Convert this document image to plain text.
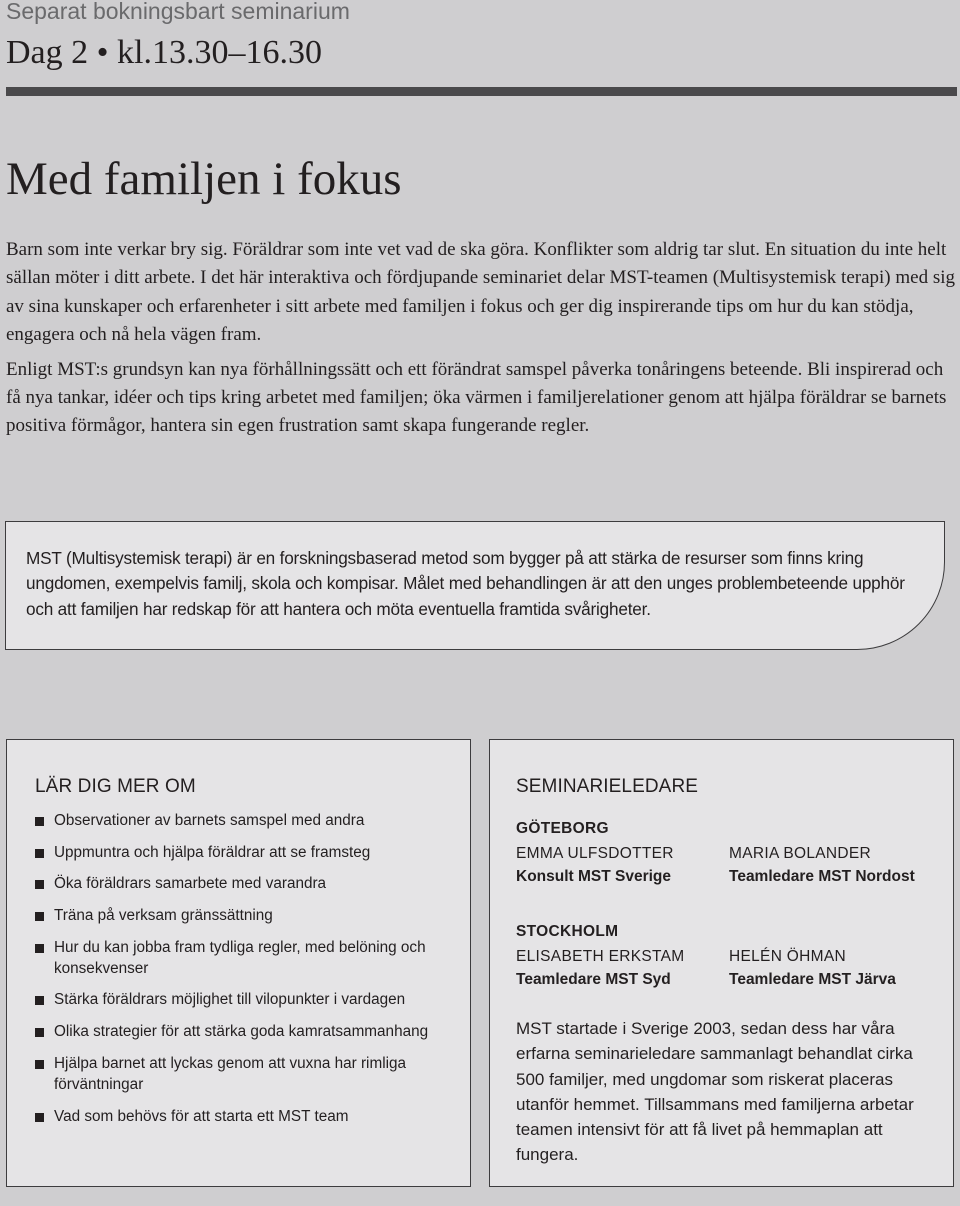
Separat bokningsbart seminarium
Dag 2 • kl.13.30–16.30
Med familjen i fokus

Barn som inte verkar bry sig. Föräldrar som inte vet vad de ska göra. Konflikter som aldrig tar slut. En situation du inte helt sällan möter i ditt arbete. I det här interaktiva och fördjupande seminariet delar MST-teamen (Multisystemisk terapi) med sig av sina kunskaper och erfarenheter i sitt arbete med familjen i fokus och ger dig inspirerande tips om hur du kan stödja, engagera och nå hela vägen fram.

Enligt MST:s grundsyn kan nya förhållningssätt och ett förändrat samspel påverka tonåringens beteende. Bli inspirerad och få nya tankar, idéer och tips kring arbetet med familjen; öka värmen i familjerelationer genom att hjälpa föräldrar se barnets positiva förmågor, hantera sin egen frustration samt skapa fungerande regler.

MST (Multisystemisk terapi) är en forskningsbaserad metod som bygger på att stärka de resurser som finns kring ungdomen, exempelvis familj, skola och kompisar. Målet med behandlingen är att den unges problembeteende upphör och att familjen har redskap för att hantera och möta eventuella framtida svårigheter.
LÄR DIG MER OM
Observationer av barnets samspel med andra
Uppmuntra och hjälpa föräldrar att se framsteg
Öka föräldrars samarbete med varandra
Träna på verksam gränssättning
Hur du kan jobba fram tydliga regler, med belöning och konsekvenser
Stärka föräldrars möjlighet till vilopunkter i vardagen
Olika strategier för att stärka goda kamratsammanhang
Hjälpa barnet att lyckas genom att vuxna har rimliga förväntningar
Vad som behövs för att starta ett MST team
SEMINARIELEDARE
GÖTEBORG
EMMA ULFSDOTTER
Konsult MST Sverige
MARIA BOLANDER
Teamledare MST Nordost
STOCKHOLM
ELISABETH ERKSTAM
Teamledare MST Syd
HELÉN ÖHMAN
Teamledare MST Järva
MST startade i Sverige 2003, sedan dess har våra erfarna seminarieledare sammanlagt behandlat cirka 500 familjer, med ungdomar som riskerat placeras utanför hemmet. Tillsammans med familjerna arbetar teamen intensivt för att få livet på hemmaplan att fungera.
